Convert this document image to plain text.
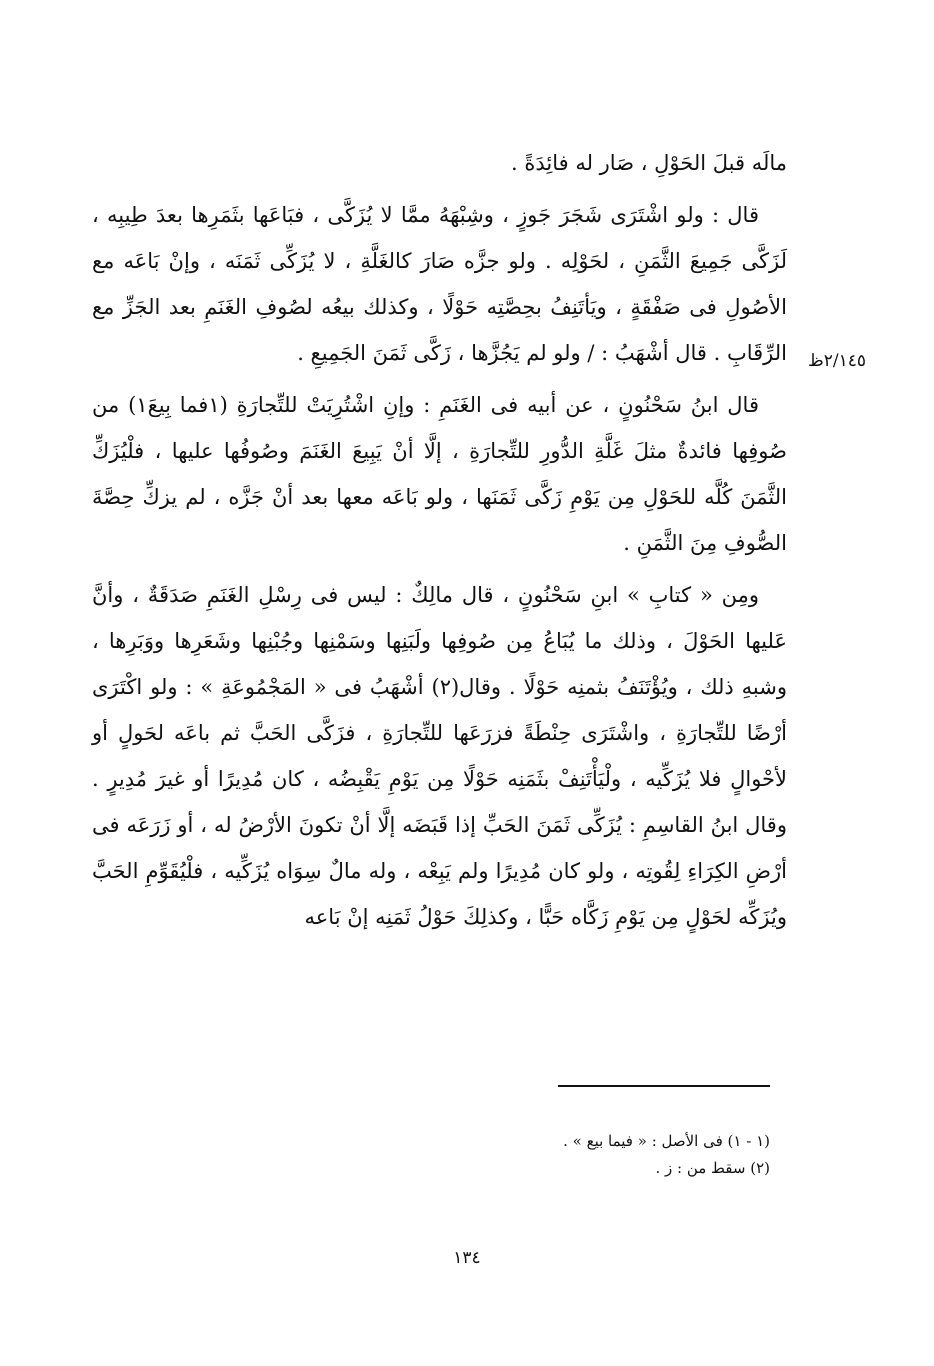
٢/١٤٥ظ

مالَه قبلَ الحَوْلِ ، صَار له فائِدَةً .

قال : ولو اشْتَرَى شَجَرَ جَوزٍ ، وشِبْهَهُ ممَّا لا يُزَكَّى ، فبَاعَها بثَمَرِها بعدَ طِيبِه ، لَزَكَّى جَمِيعَ الثَّمَنِ ، لحَوْلِه . ولو جزَّه صَارَ كالغَلَّةِ ، لا يُزَكِّى ثَمَنَه ، وإنْ بَاعَه مع الأصُولِ فى صَفْقَةٍ ، ويَأتَنِفُ بحِصَّتِه حَوْلًا ، وكذلك بيعُه لصُوفِ الغَنَمِ بعد الجَزِّ مع الرِّقَابِ . قال أشْهَبُ : / ولو لم يَجُزَّها ، زَكَّى ثَمَنَ الجَمِيعِ .

قال ابنُ سَحْنُونٍ ، عن أبيه فى الغَنَمِ : وإنِ اشْتُرِيَتْ للتِّجارَةِ (١فما بِيعَ١) من صُوفِها فائدةٌ مثلَ غَلَّةِ الدُّورِ للتِّجارَةِ ، إلَّا أنْ يَبِيعَ الغَنَمَ وصُوفُها عليها ، فلْيُزَكِّ الثَّمَنَ كُلَّه للحَوْلِ مِن يَوْمِ زَكَّى ثَمَنَها ، ولو بَاعَه معها بعد أنْ جَزَّه ، لم يزكِّ حِصَّةَ الصُّوفِ مِنَ الثَّمَنِ .

ومِن « كتابِ » ابنِ سَحْنُونٍ ، قال مالِكٌ : ليس فى رِسْلِ الغَنَمِ صَدَقَةٌ ، وأنَّ عَليها الحَوْلَ ، وذلك ما يُبَاعُ مِن صُوفِها ولَبَنِها وسَمْنِها وجُبْنِها وشَعَرِها ووَبَرِها ، وشبهِ ذلك ، ويُؤْتَنَفُ بثمنِه حَوْلًا . وقال(٢) أشْهَبُ فى « المَجْمُوعَةِ » : ولو اكْتَرَى أرْضًا للتِّجارَةِ ، واشْتَرَى حِنْطَةً فزرَعَها للتِّجارَةِ ، فزَكَّى الحَبَّ ثم باعَه لحَولٍ أو لأحْوالٍ فلا يُزَكِّيه ، ولْيَأْتَنِفْ بثَمَنِه حَوْلًا مِن يَوْمِ يَقْبِضُه ، كان مُدِيرًا أو غيرَ مُدِيرٍ . وقال ابنُ القاسِمِ : يُزَكِّى ثَمَنَ الحَبِّ إذا قَبَضَه إلَّا أنْ تكونَ الأرْضُ له ، أو زَرَعَه فى أرْضِ الكِرَاءِ لِقُوتِه ، ولو كان مُدِيرًا ولم يَبِعْه ، وله مالٌ سِوَاه يُزَكِّيه ، فلْيُقَوِّمِ الحَبَّ ويُزَكِّه لحَوْلٍ مِن يَوْمِ زَكَّاه حَبًّا ، وكذلِكَ حَوْلُ ثَمَنِه إنْ بَاعه

(١ - ١) فى الأصل : « فيما بيع » .
(٢) سقط من : ز .
١٣٤
